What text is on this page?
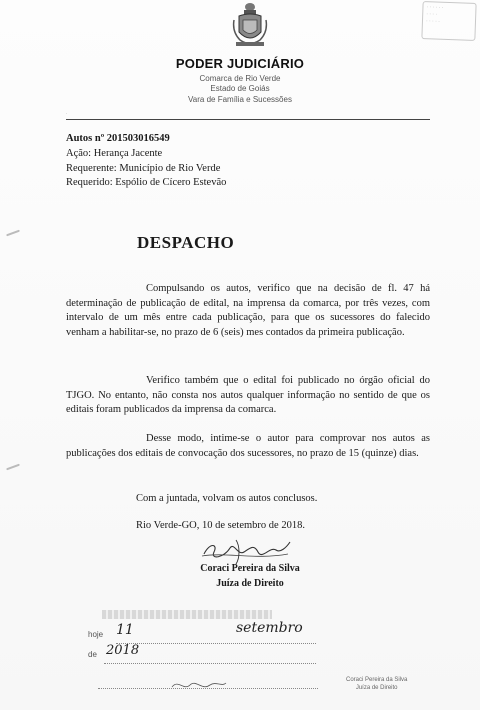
· · · · · ·
· · · ·
· · · · ·
PODER JUDICIÁRIO
Comarca de Rio Verde
Estado de Goiás
Vara de Família e Sucessões
ˈ
Autos nº 201503016549
Ação: Herança Jacente
Requerente: Município de Rio Verde
Requerido: Espólio de Cícero Estevão
DESPACHO
Compulsando os autos, verifico que na decisão de fl. 47 há determinação de publicação de edital, na imprensa da comarca, por três vezes, com intervalo de um mês entre cada publicação, para que os sucessores do falecido venham a habilitar-se, no prazo de 6 (seis) mes contados da primeira publicação.
Verifico também que o edital foi publicado no órgão oficial do TJGO. No entanto, não consta nos autos qualquer informação no sentido de que os editais foram publicados da imprensa da comarca.
Desse modo, intime-se o autor para comprovar nos autos as publicações dos editais de convocação dos sucessores, no prazo de 15 (quinze) dias.
Com a juntada, volvam os autos conclusos.
Rio Verde-GO, 10 de setembro de 2018.
Coraci Pereira da Silva
Juíza de Direito
hoje 11	setembro
de 2018
Coraci Pereira da Silva
Juíza de Direito
